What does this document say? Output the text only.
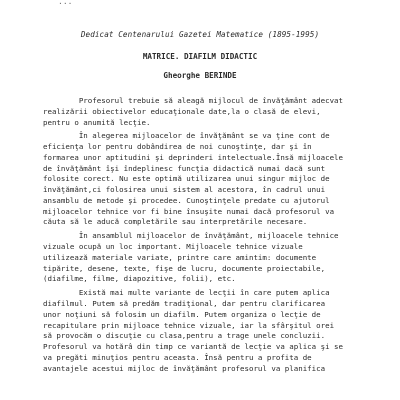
...
Dedicat Centenarului Gazetei Matematice (1895-1995)
MATRICE. DIAFILM DIDACTIC
Gheorghe BERINDE
Profesorul trebuie să aleagă mijlocul de învăţământ adecvat
realizării obiectivelor educaţionale date,la o clasă de elevi,
pentru o anumită lecţie.
În alegerea mijloacelor de învăţământ se va ţine cont de
eficienţa lor pentru dobândirea de noi cunoştinţe, dar şi în
formarea unor aptitudini şi deprinderi intelectuale.Însă mijloacele
de învăţământ îşi îndeplinesc funcţia didactică numai dacă sunt
folosite corect. Nu este optimă utilizarea unui singur mijloc de
învăţământ,ci folosirea unui sistem al acestora, în cadrul unui
ansamblu de metode şi procedee. Cunoştinţele predate cu ajutorul
mijloacelor tehnice vor fi bine însuşite numai dacă profesorul va
căuta să le aducă completările sau interpretările necesare.
În ansamblul mijloacelor de învăţământ, mijloacele tehnice
vizuale ocupă un loc important. Mijloacele tehnice vizuale
utilizează materiale variate, printre care amintim: documente
tipărite, desene, texte, fişe de lucru, documente proiectabile,
(diafilme, filme, diapozitive, folii), etc.
Există mai multe variante de lecţii în care putem aplica
diafilmul. Putem să predăm tradiţional, dar pentru clarificarea
unor noţiuni să folosim un diafilm. Putem organiza o lecţie de
recapitulare prin mijloace tehnice vizuale, iar la sfârşitul orei
să provocăm o discuţie cu clasa,pentru a trage unele concluzii.
Profesorul va hotărâ din timp ce variantă de lecţie va aplica şi se
va pregăti minuţios pentru aceasta. Însă pentru a profita de
avantajele acestui mijloc de învăţământ profesorul va planifica
